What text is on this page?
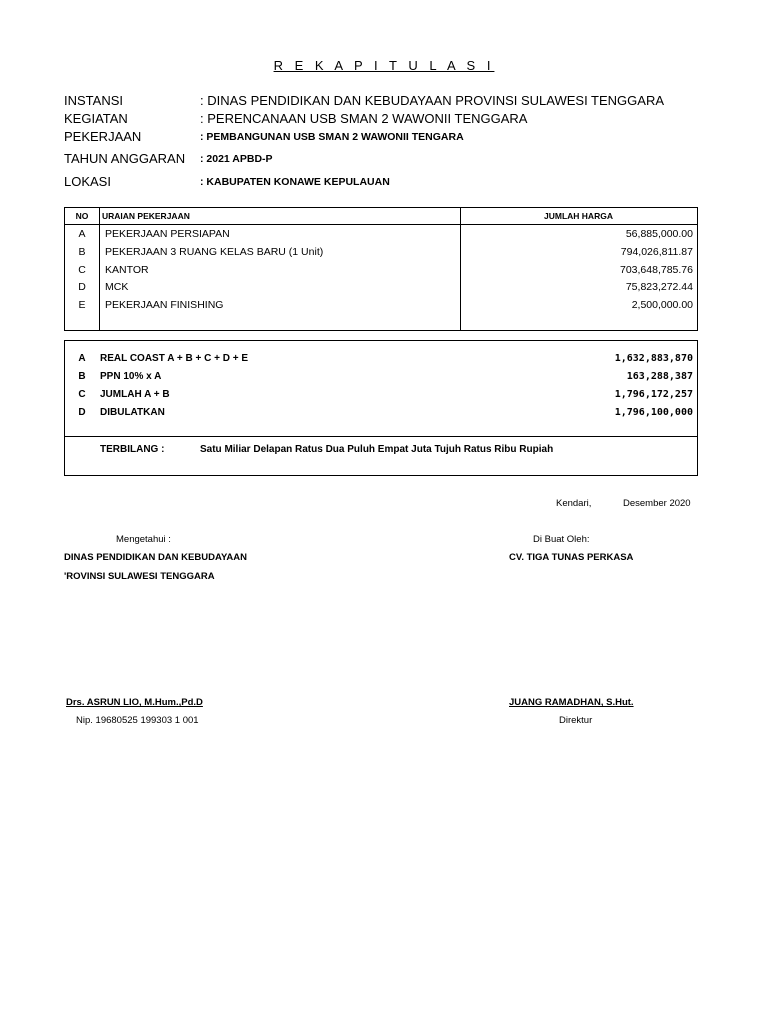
R E K A P I T U L A S I
INSTANSI	: DINAS PENDIDIKAN DAN KEBUDAYAAN PROVINSI SULAWESI TENGGARA
KEGIATAN	: PERENCANAAN USB SMAN 2 WAWONII TENGGARA
PEKERJAAN	: PEMBANGUNAN USB SMAN 2 WAWONII TENGARA
TAHUN ANGGARAN : 2021 APBD-P
LOKASI	: KABUPATEN KONAWE KEPULAUAN
NO	URAIAN PEKERJAAN	JUMLAH HARGA
A	PEKERJAAN PERSIAPAN	56,885,000.00
B	PEKERJAAN 3 RUANG KELAS BARU (1 Unit)	794,026,811.87
C	KANTOR	703,648,785.76
D	MCK	75,823,272.44
E	PEKERJAAN FINISHING	2,500,000.00
A	REAL COAST A + B + C + D + E	1,632,883,870
B	PPN 10% x A	163,288,387
C	JUMLAH A + B	1,796,172,257
D	DIBULATKAN	1,796,100,000
TERBILANG :	Satu Miliar Delapan Ratus Dua Puluh Empat Juta Tujuh Ratus Ribu Rupiah
Kendari,	Desember 2020
Mengetahui :
DINAS PENDIDIKAN DAN KEBUDAYAAN
'ROVINSI SULAWESI TENGGARA
Drs. ASRUN LIO, M.Hum.,Pd.D
Nip. 19680525 199303 1 001
Di Buat Oleh:
CV. TIGA TUNAS PERKASA
JUANG RAMADHAN, S.Hut.
Direktur
